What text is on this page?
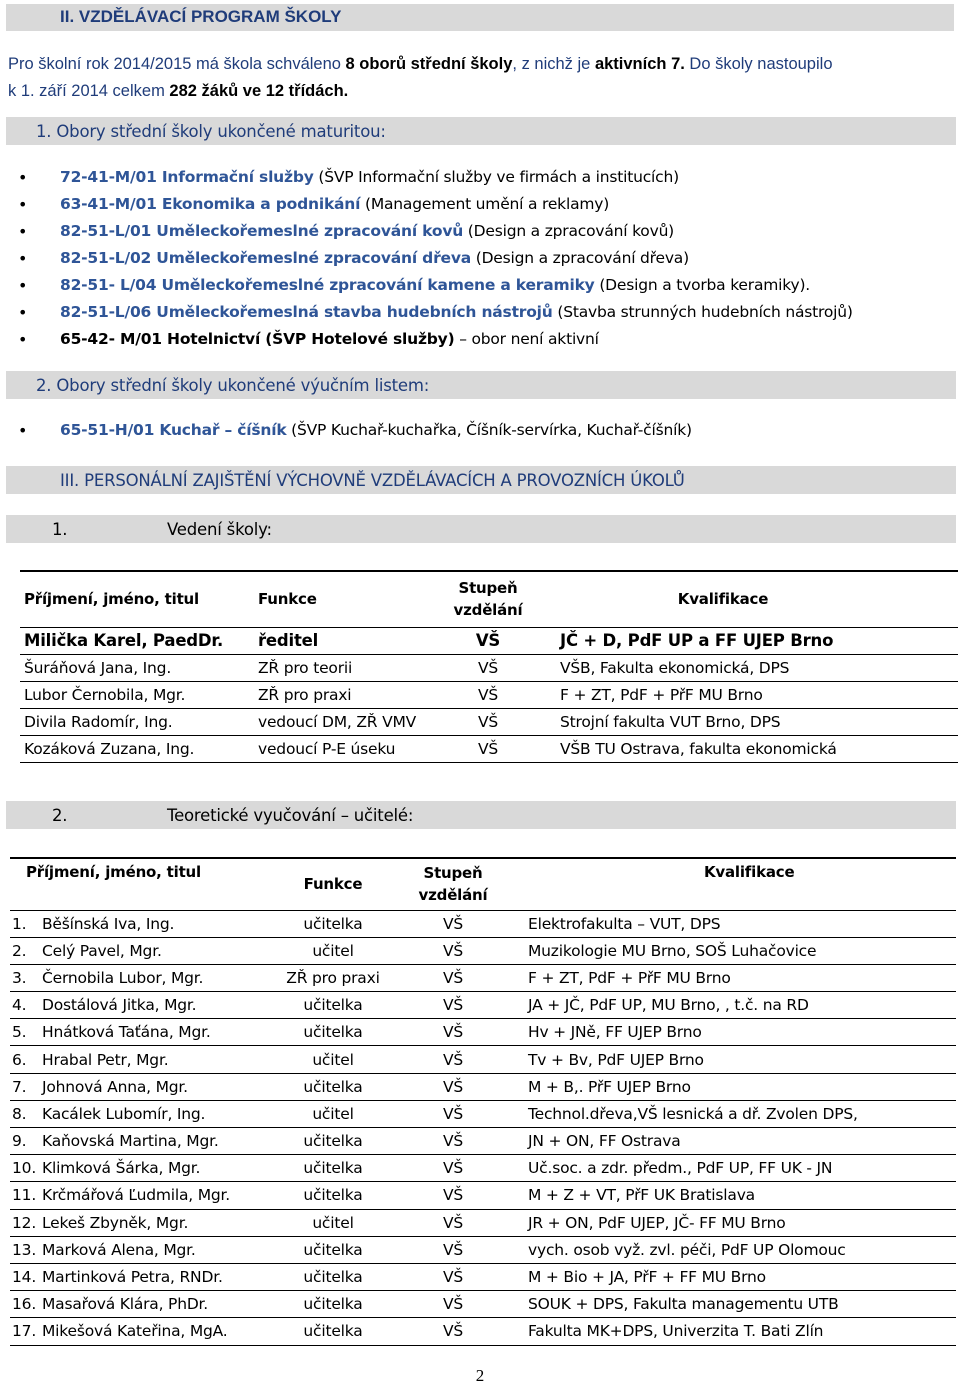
II. VZDĚLÁVACÍ PROGRAM ŠKOLY
Pro školní rok 2014/2015 má škola schváleno 8 oborů střední školy, z nichž je aktivních 7. Do školy nastoupilo
k 1. září 2014 celkem 282 žáků ve 12 třídách.
1. Obory střední školy ukončené maturitou:
• 72-41-M/01 Informační služby (ŠVP Informační služby ve firmách a institucích)
• 63-41-M/01 Ekonomika a podnikání (Management umění a reklamy)
• 82-51-L/01 Uměleckořemeslné zpracování kovů (Design a zpracování kovů)
• 82-51-L/02 Uměleckořemeslné zpracování dřeva (Design a zpracování dřeva)
• 82-51- L/04 Uměleckořemeslné zpracování kamene a keramiky (Design a tvorba keramiky).
• 82-51-L/06 Uměleckořemeslná stavba hudebních nástrojů (Stavba strunných hudebních nástrojů)
• 65-42- M/01 Hotelnictví (ŠVP Hotelové služby) – obor není aktivní
2. Obory střední školy ukončené výučním listem:
• 65-51-H/01 Kuchař – číšník (ŠVP Kuchař-kuchařka, Číšník-servírka, Kuchař-číšník)
III. PERSONÁLNÍ ZAJIŠTĚNÍ VÝCHOVNĚ VZDĚLÁVACÍCH A PROVOZNÍCH ÚKOLŮ
1.	Vedení školy:
Příjmení, jméno, titul	Funkce	Stupeň
vzdělání	Kvalifikace
Milička Karel, PaedDr.	ředitel	VŠ	JČ + D, PdF UP a FF UJEP Brno
Šuráňová Jana, Ing.	ZŘ pro teorii	VŠ	VŠB, Fakulta ekonomická, DPS
Lubor Černobila, Mgr.	ZŘ pro praxi	VŠ	F + ZT, PdF + PřF MU Brno
Divila Radomír, Ing.	vedoucí DM, ZŘ VMV	VŠ	Strojní fakulta VUT Brno, DPS
Kozáková Zuzana, Ing.	vedoucí P-E úseku	VŠ	VŠB TU Ostrava, fakulta ekonomická
2.	Teoretické vyučování – učitelé:
Příjmení, jméno, titul		Funkce	Stupeň
vzdělání	Kvalifikace
1.	Běšínská Iva, Ing.	učitelka	VŠ	Elektrofakulta – VUT, DPS
2.	Celý Pavel, Mgr.	učitel	VŠ	Muzikologie MU Brno, SOŠ Luhačovice
3.	Černobila Lubor, Mgr.	ZŘ pro praxi	VŠ	F + ZT, PdF + PřF MU Brno
4.	Dostálová Jitka, Mgr.	učitelka	VŠ	JA + JČ, PdF UP, MU Brno, , t.č. na RD
5.	Hnátková Taťána, Mgr.	učitelka	VŠ	Hv + JNě, FF UJEP Brno
6.	Hrabal Petr, Mgr.	učitel	VŠ	Tv + Bv, PdF UJEP Brno
7.	Johnová Anna, Mgr.	učitelka	VŠ	M + B,. PřF UJEP Brno
8.	Kacálek Lubomír, Ing.	učitel	VŠ	Technol.dřeva,VŠ lesnická a dř. Zvolen DPS,
9.	Kaňovská Martina, Mgr.	učitelka	VŠ	JN + ON, FF Ostrava
10.	Klimková Šárka, Mgr.	učitelka	VŠ	Uč.soc. a zdr. předm., PdF UP, FF UK - JN
11.	Krčmářová Ľudmila, Mgr.	učitelka	VŠ	M + Z + VT, PřF UK Bratislava
12.	Lekeš Zbyněk, Mgr.	učitel	VŠ	JR + ON, PdF UJEP, JČ- FF MU Brno
13.	Marková Alena, Mgr.	učitelka	VŠ	vych. osob vyž. zvl. péči, PdF UP Olomouc
14.	Martinková Petra, RNDr.	učitelka	VŠ	M + Bio + JA, PřF + FF MU Brno
16.	Masařová Klára, PhDr.	učitelka	VŠ	SOUK + DPS, Fakulta managementu UTB
17.	Mikešová Kateřina, MgA.	učitelka	VŠ	Fakulta MK+DPS, Univerzita T. Bati Zlín
2
